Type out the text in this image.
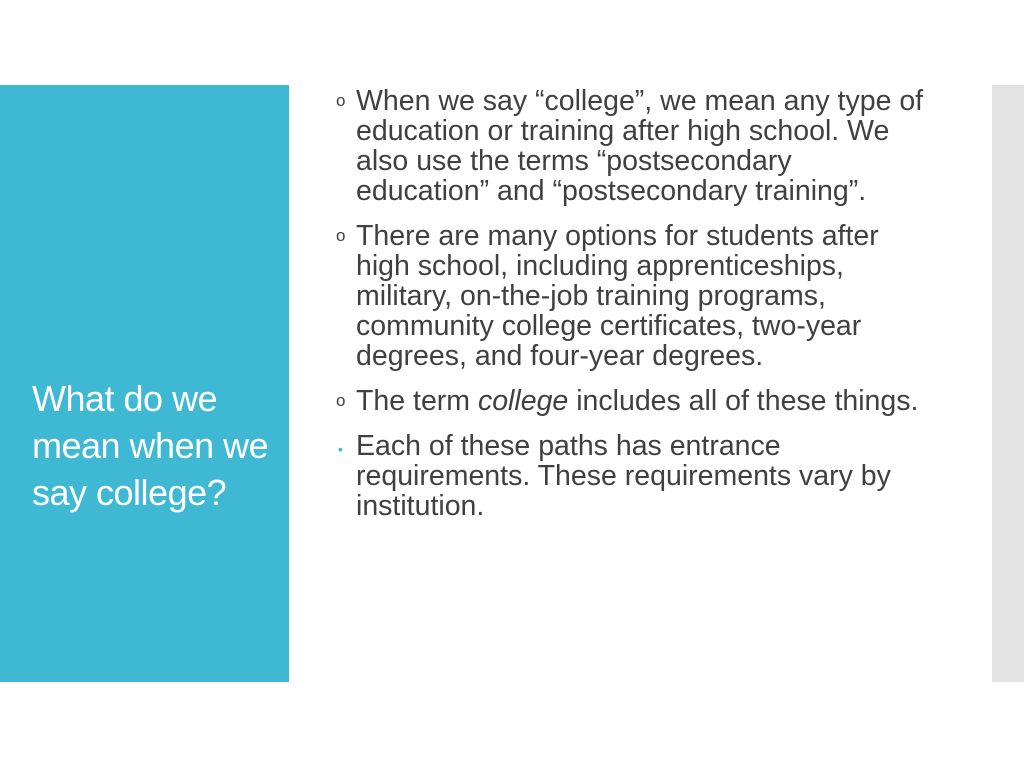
What do we mean when we say college?
o When we say “college”, we mean any type of education or training after high school. We also use the terms “postsecondary education” and “postsecondary training”.
o There are many options for students after high school, including apprenticeships, military, on-the-job training programs, community college certificates, two-year degrees, and four-year degrees.
o The term college includes all of these things.
• Each of these paths has entrance requirements. These requirements vary by institution.
